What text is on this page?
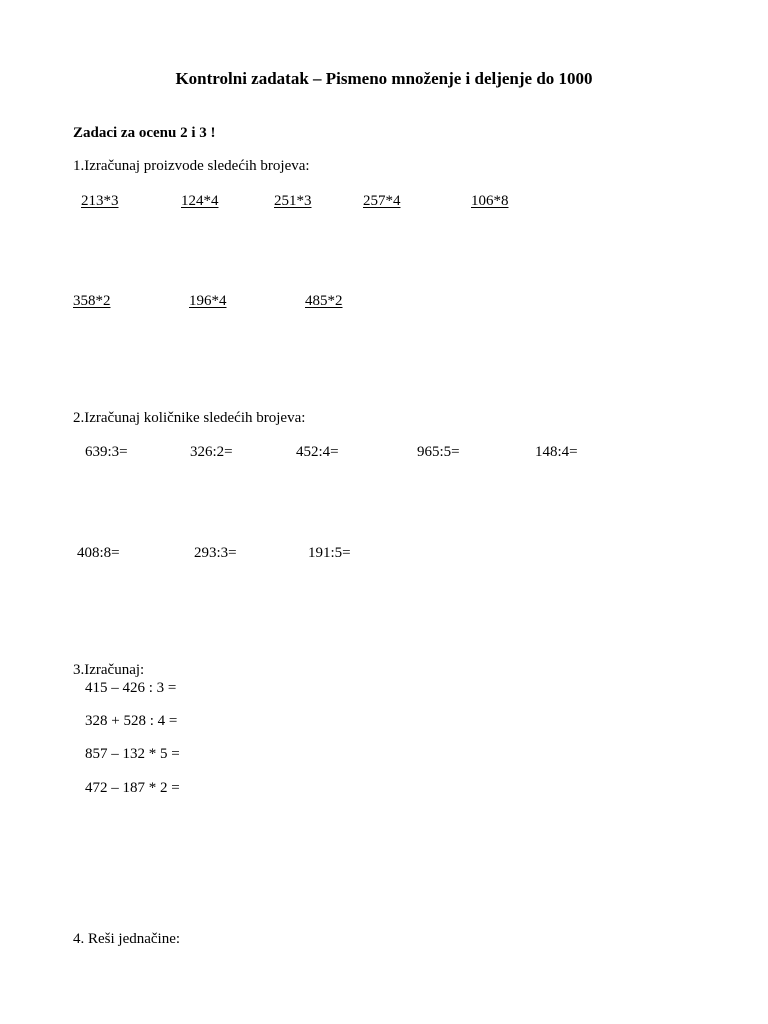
Kontrolni zadatak – Pismeno množenje i deljenje do 1000
Zadaci za ocenu 2 i 3 !
1.Izračunaj proizvode sledećih brojeva:
213*3	124*4	251*3	257*4	106*8
358*2	196*4	485*2
2.Izračunaj količnike sledećih brojeva:
639:3=	326:2=	452:4=	965:5=	148:4=
408:8=	293:3=	191:5=
3.Izračunaj:
415 – 426 : 3 =
328 + 528 : 4 =
857 – 132 * 5 =
472 – 187 * 2 =
4. Reši jednačine:
